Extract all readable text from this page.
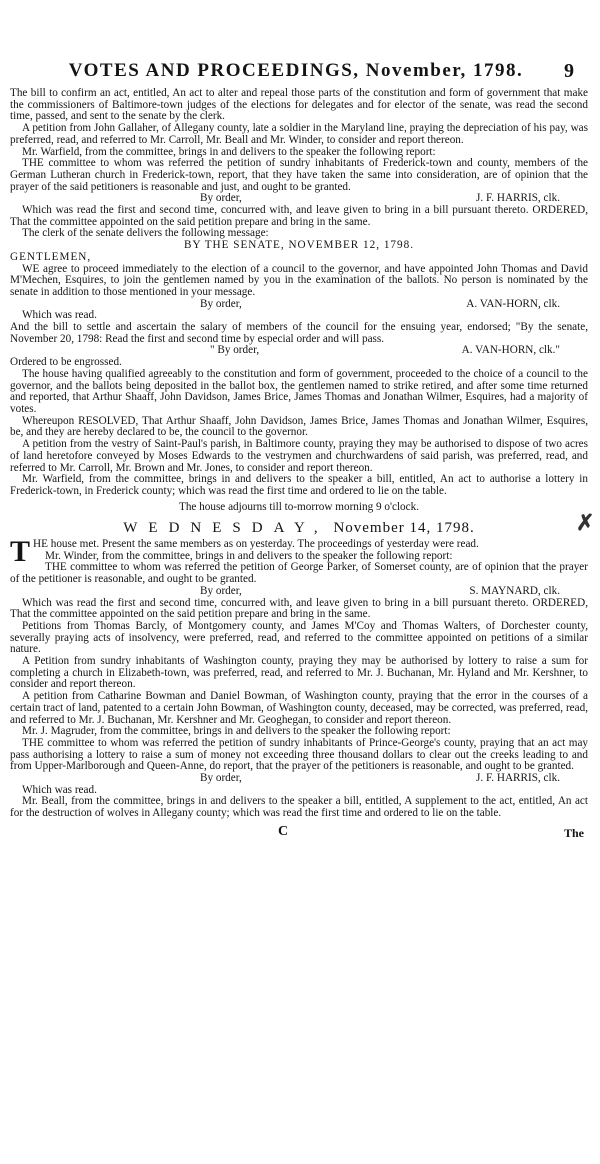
VOTES AND PROCEEDINGS, November, 1798.	9

The bill to confirm an act, entitled, An act to alter and repeal those parts of the constitution and form of government that make the commissioners of Baltimore-town judges of the elections for delegates and for elector of the senate, was read the second time, passed, and sent to the senate by the clerk.

A petition from John Gallaher, of Allegany county, late a soldier in the Maryland line, praying the depreciation of his pay, was preferred, read, and referred to Mr. Carroll, Mr. Beall and Mr. Winder, to consider and report thereon.

Mr. Warfield, from the committee, brings in and delivers to the speaker the following report:

THE committee to whom was referred the petition of sundry inhabitants of Frederick-town and county, members of the German Lutheran church in Frederick-town, report, that they have taken the same into consideration, are of opinion that the prayer of the said petitioners is reasonable and just, and ought to be granted.

By order,	J. F. HARRIS, clk.

Which was read the first and second time, concurred with, and leave given to bring in a bill pursuant thereto. ORDERED, That the committee appointed on the said petition prepare and bring in the same.

The clerk of the senate delivers the following message:

BY THE SENATE, NOVEMBER 12, 1798.

GENTLEMEN,

WE agree to proceed immediately to the election of a council to the governor, and have appointed John Thomas and David M'Mechen, Esquires, to join the gentlemen named by you in the examination of the ballots. No person is nominated by the senate in addition to those mentioned in your message.

By order,	A. VAN-HORN, clk.

Which was read.

And the bill to settle and ascertain the salary of members of the council for the ensuing year, endorsed; "By the senate, November 20, 1798: Read the first and second time by especial order and will pass.

" By order,	A. VAN-HORN, clk."

Ordered to be engrossed.

The house having qualified agreeably to the constitution and form of government, proceeded to the choice of a council to the governor, and the ballots being deposited in the ballot box, the gentlemen named to strike retired, and after some time returned and reported, that Arthur Shaaff, John Davidson, James Brice, James Thomas and Jonathan Wilmer, Esquires, had a majority of votes.

Whereupon RESOLVED, That Arthur Shaaff, John Davidson, James Brice, James Thomas and Jonathan Wilmer, Esquires, be, and they are hereby declared to be, the council to the governor.

A petition from the vestry of Saint-Paul's parish, in Baltimore county, praying they may be authorised to dispose of two acres of land heretofore conveyed by Moses Edwards to the vestrymen and churchwardens of said parish, was preferred, read, and referred to Mr. Carroll, Mr. Brown and Mr. Jones, to consider and report thereon.

Mr. Warfield, from the committee, brings in and delivers to the speaker a bill, entitled, An act to authorise a lottery in Frederick-town, in Frederick county; which was read the first time and ordered to lie on the table.

The house adjourns till to-morrow morning 9 o'clock.

WEDNESDAY, November 14, 1798.

THE house met. Present the same members as on yesterday. The proceedings of yesterday were read.

Mr. Winder, from the committee, brings in and delivers to the speaker the following report:

THE committee to whom was referred the petition of George Parker, of Somerset county, are of opinion that the prayer of the petitioner is reasonable, and ought to be granted.

By order,	S. MAYNARD, clk.

Which was read the first and second time, concurred with, and leave given to bring in a bill pursuant thereto. ORDERED, That the committee appointed on the said petition prepare and bring in the same.

Petitions from Thomas Barcly, of Montgomery county, and James M'Coy and Thomas Walters, of Dorchester county, severally praying acts of insolvency, were preferred, read, and referred to the committee appointed on petitions of a similar nature.

A Petition from sundry inhabitants of Washington county, praying they may be authorised by lottery to raise a sum for completing a church in Elizabeth-town, was preferred, read, and referred to Mr. J. Buchanan, Mr. Hyland and Mr. Kershner, to consider and report thereon.

A petition from Catharine Bowman and Daniel Bowman, of Washington county, praying that the error in the courses of a certain tract of land, patented to a certain John Bowman, of Washington county, deceased, may be corrected, was preferred, read, and referred to Mr. J. Buchanan, Mr. Kershner and Mr. Geoghegan, to consider and report thereon.

Mr. J. Magruder, from the committee, brings in and delivers to the speaker the following report:

THE committee to whom was referred the petition of sundry inhabitants of Prince-George's county, praying that an act may pass authorising a lottery to raise a sum of money not exceeding three thousand dollars to clear out the creeks leading to and from Upper-Marlborough and Queen-Anne, do report, that the prayer of the petitioners is reasonable, and ought to be granted.

By order,	J. F. HARRIS, clk.

Which was read.

Mr. Beall, from the committee, brings in and delivers to the speaker a bill, entitled, A supplement to the act, entitled, An act for the destruction of wolves in Allegany county; which was read the first time and ordered to lie on the table.

C	The
✗
